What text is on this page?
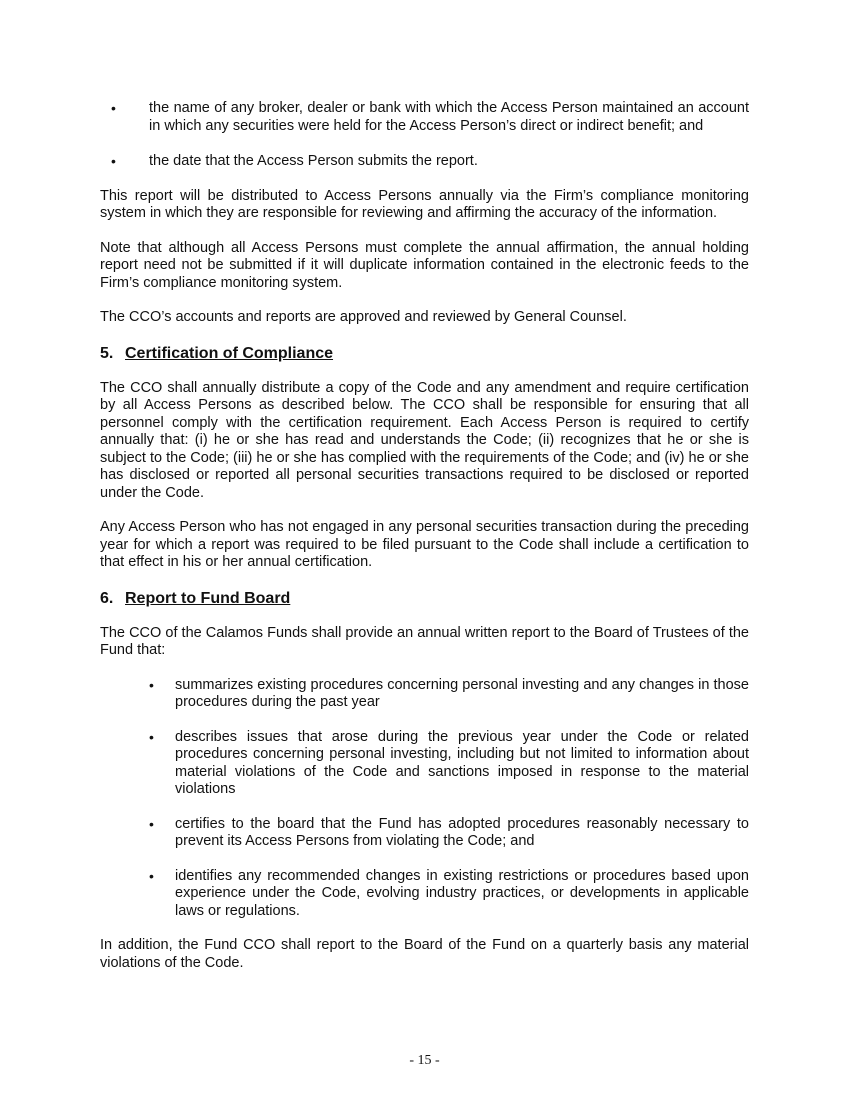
• the name of any broker, dealer or bank with which the Access Person maintained an account in which any securities were held for the Access Person’s direct or indirect benefit; and
• the date that the Access Person submits the report.

This report will be distributed to Access Persons annually via the Firm’s compliance monitoring system in which they are responsible for reviewing and affirming the accuracy of the information.

Note that although all Access Persons must complete the annual affirmation, the annual holding report need not be submitted if it will duplicate information contained in the electronic feeds to the Firm’s compliance monitoring system.

The CCO’s accounts and reports are approved and reviewed by General Counsel.

5. Certification of Compliance

The CCO shall annually distribute a copy of the Code and any amendment and require certification by all Access Persons as described below. The CCO shall be responsible for ensuring that all personnel comply with the certification requirement. Each Access Person is required to certify annually that: (i) he or she has read and understands the Code; (ii) recognizes that he or she is subject to the Code; (iii) he or she has complied with the requirements of the Code; and (iv) he or she has disclosed or reported all personal securities transactions required to be disclosed or reported under the Code.

Any Access Person who has not engaged in any personal securities transaction during the preceding year for which a report was required to be filed pursuant to the Code shall include a certification to that effect in his or her annual certification.

6. Report to Fund Board

The CCO of the Calamos Funds shall provide an annual written report to the Board of Trustees of the Fund that:

• summarizes existing procedures concerning personal investing and any changes in those procedures during the past year
• describes issues that arose during the previous year under the Code or related procedures concerning personal investing, including but not limited to information about material violations of the Code and sanctions imposed in response to the material violations
• certifies to the board that the Fund has adopted procedures reasonably necessary to prevent its Access Persons from violating the Code; and
• identifies any recommended changes in existing restrictions or procedures based upon experience under the Code, evolving industry practices, or developments in applicable laws or regulations.

In addition, the Fund CCO shall report to the Board of the Fund on a quarterly basis any material violations of the Code.

- 15 -
